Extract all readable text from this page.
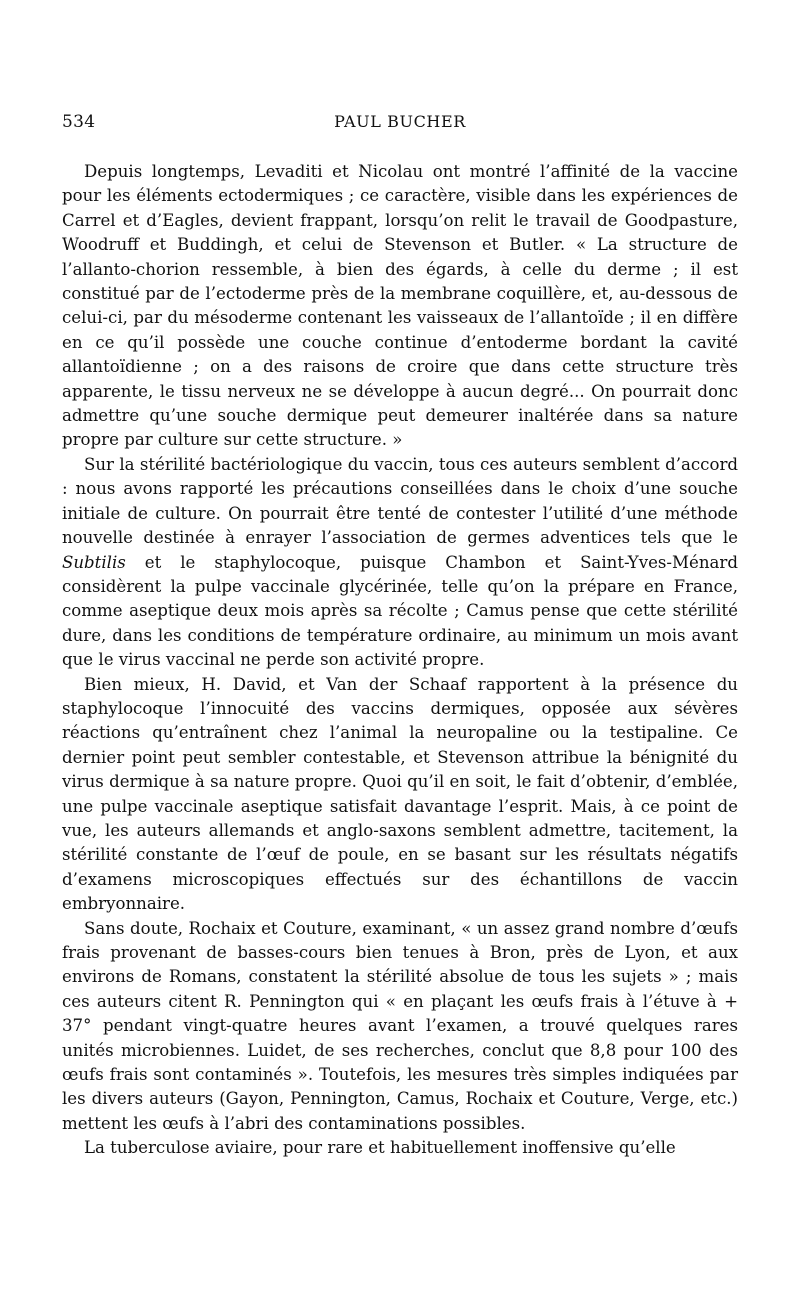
534	PAUL BUCHER

Depuis longtemps, Levaditi et Nicolau ont montré l’affinité de la vaccine pour les éléments ectodermiques ; ce caractère, visible dans les expériences de Carrel et d’Eagles, devient frappant, lorsqu’on relit le travail de Goodpasture, Woodruff et Buddingh, et celui de Stevenson et Butler. « La structure de l’allanto-chorion ressemble, à bien des égards, à celle du derme ; il est constitué par de l’ectoderme près de la membrane coquillère, et, au-dessous de celui-ci, par du mésoderme contenant les vaisseaux de l’allantoïde ; il en diffère en ce qu’il possède une couche continue d’entoderme bordant la cavité allantoïdienne ; on a des raisons de croire que dans cette structure très apparente, le tissu nerveux ne se développe à aucun degré... On pourrait donc admettre qu’une souche dermique peut demeurer inaltérée dans sa nature propre par culture sur cette structure. »

Sur la stérilité bactériologique du vaccin, tous ces auteurs semblent d’accord : nous avons rapporté les précautions conseillées dans le choix d’une souche initiale de culture. On pourrait être tenté de contester l’utilité d’une méthode nouvelle destinée à enrayer l’association de germes adventices tels que le Subtilis et le staphylocoque, puisque Chambon et Saint-Yves-Ménard considèrent la pulpe vaccinale glycérinée, telle qu’on la prépare en France, comme aseptique deux mois après sa récolte ; Camus pense que cette stérilité dure, dans les conditions de température ordinaire, au minimum un mois avant que le virus vaccinal ne perde son activité propre.

Bien mieux, H. David, et Van der Schaaf rapportent à la présence du staphylocoque l’innocuité des vaccins dermiques, opposée aux sévères réactions qu’entraînent chez l’animal la neuropaline ou la testipaline. Ce dernier point peut sembler contestable, et Stevenson attribue la bénignité du virus dermique à sa nature propre. Quoi qu’il en soit, le fait d’obtenir, d’emblée, une pulpe vaccinale aseptique satisfait davantage l’esprit. Mais, à ce point de vue, les auteurs allemands et anglo-saxons semblent admettre, tacitement, la stérilité constante de l’œuf de poule, en se basant sur les résultats négatifs d’examens microscopiques effectués sur des échantillons de vaccin embryonnaire.

Sans doute, Rochaix et Couture, examinant, « un assez grand nombre d’œufs frais provenant de basses-cours bien tenues à Bron, près de Lyon, et aux environs de Romans, constatent la stérilité absolue de tous les sujets » ; mais ces auteurs citent R. Pennington qui « en plaçant les œufs frais à l’étuve à + 37° pendant vingt-quatre heures avant l’examen, a trouvé quelques rares unités microbiennes. Luidet, de ses recherches, conclut que 8,8 pour 100 des œufs frais sont contaminés ». Toutefois, les mesures très simples indiquées par les divers auteurs (Gayon, Pennington, Camus, Rochaix et Couture, Verge, etc.) mettent les œufs à l’abri des contaminations possibles.

La tuberculose aviaire, pour rare et habituellement inoffensive qu’elle
